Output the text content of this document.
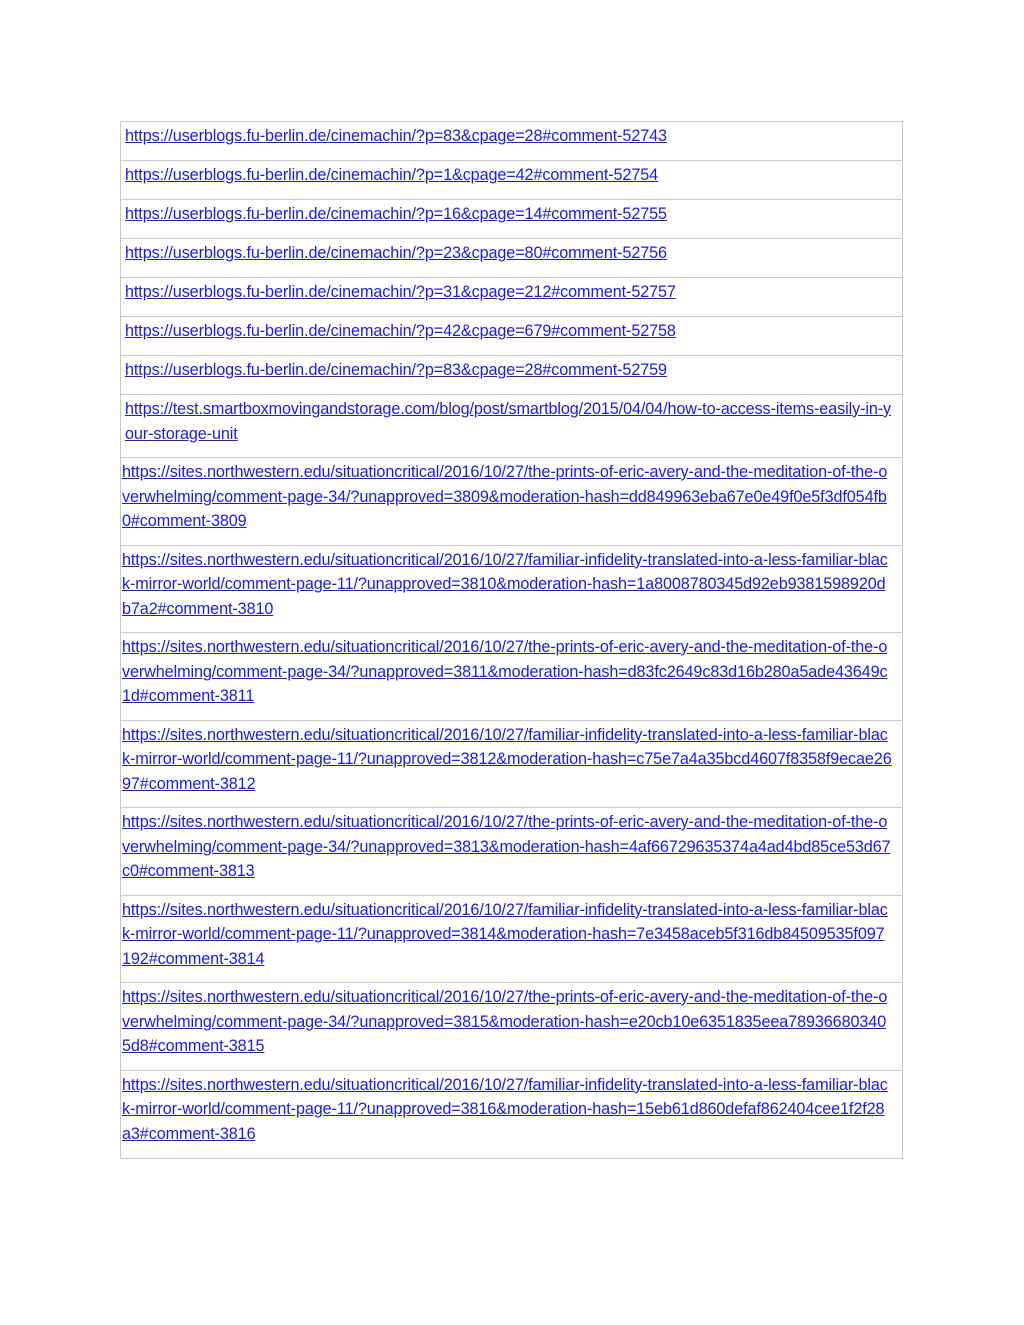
https://userblogs.fu-berlin.de/cinemachin/?p=83&cpage=28#comment-52743
https://userblogs.fu-berlin.de/cinemachin/?p=1&cpage=42#comment-52754
https://userblogs.fu-berlin.de/cinemachin/?p=16&cpage=14#comment-52755
https://userblogs.fu-berlin.de/cinemachin/?p=23&cpage=80#comment-52756
https://userblogs.fu-berlin.de/cinemachin/?p=31&cpage=212#comment-52757
https://userblogs.fu-berlin.de/cinemachin/?p=42&cpage=679#comment-52758
https://userblogs.fu-berlin.de/cinemachin/?p=83&cpage=28#comment-52759
https://test.smartboxmovingandstorage.com/blog/post/smartblog/2015/04/04/how-to-access-items-easily-in-your-storage-unit
https://sites.northwestern.edu/situationcritical/2016/10/27/the-prints-of-eric-avery-and-the-meditation-of-the-overwhelming/comment-page-34/?unapproved=3809&moderation-hash=dd849963eba67e0e49f0e5f3df054fb0#comment-3809
https://sites.northwestern.edu/situationcritical/2016/10/27/familiar-infidelity-translated-into-a-less-familiar-black-mirror-world/comment-page-11/?unapproved=3810&moderation-hash=1a8008780345d92eb9381598920db7a2#comment-3810
https://sites.northwestern.edu/situationcritical/2016/10/27/the-prints-of-eric-avery-and-the-meditation-of-the-overwhelming/comment-page-34/?unapproved=3811&moderation-hash=d83fc2649c83d16b280a5ade43649c1d#comment-3811
https://sites.northwestern.edu/situationcritical/2016/10/27/familiar-infidelity-translated-into-a-less-familiar-black-mirror-world/comment-page-11/?unapproved=3812&moderation-hash=c75e7a4a35bcd4607f8358f9ecae2697#comment-3812
https://sites.northwestern.edu/situationcritical/2016/10/27/the-prints-of-eric-avery-and-the-meditation-of-the-overwhelming/comment-page-34/?unapproved=3813&moderation-hash=4af66729635374a4ad4bd85ce53d67c0#comment-3813
https://sites.northwestern.edu/situationcritical/2016/10/27/familiar-infidelity-translated-into-a-less-familiar-black-mirror-world/comment-page-11/?unapproved=3814&moderation-hash=7e3458aceb5f316db84509535f097192#comment-3814
https://sites.northwestern.edu/situationcritical/2016/10/27/the-prints-of-eric-avery-and-the-meditation-of-the-overwhelming/comment-page-34/?unapproved=3815&moderation-hash=e20cb10e6351835eea789366803405d8#comment-3815
https://sites.northwestern.edu/situationcritical/2016/10/27/familiar-infidelity-translated-into-a-less-familiar-black-mirror-world/comment-page-11/?unapproved=3816&moderation-hash=15eb61d860defaf862404cee1f2f28a3#comment-3816
